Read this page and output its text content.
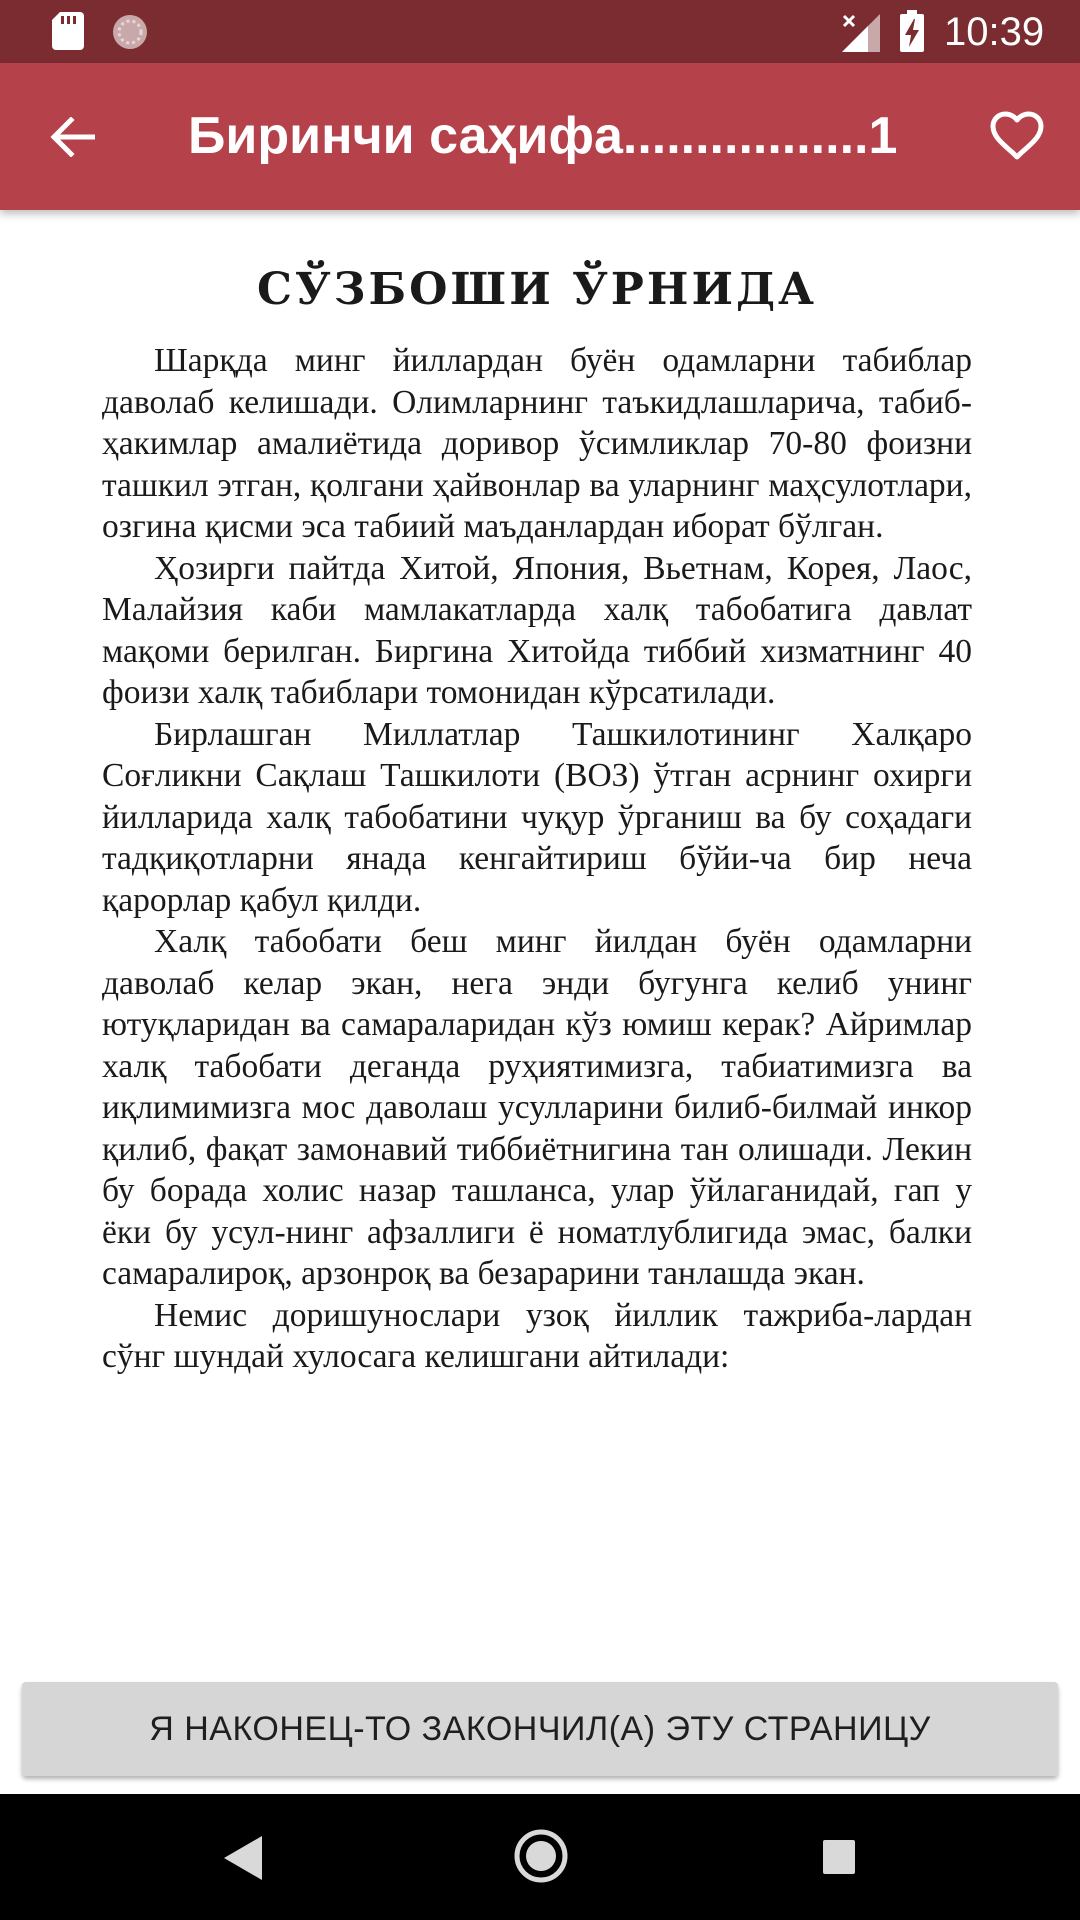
10:39
Биринчи саҳифа.................1
СЎЗБОШИ ЎРНИДА

Шарқда минг йиллардан буён одамларни табиблар даволаб келишади. Олимларнинг таъкидлашларича, табиб-ҳакимлар амалиётида доривор ўсимликлар 70-80 фоизни ташкил этган, қолгани ҳайвонлар ва уларнинг маҳсулотлари, озгина қисми эса табиий маъданлардан иборат бўлган.

Ҳозирги пайтда Хитой, Япония, Вьетнам, Корея, Лаос, Малайзия каби мамлакатларда халқ табобатига давлат мақоми берилган. Биргина Хитойда тиббий хизматнинг 40 фоизи халқ табиблари томонидан кўрсатилади.

Бирлашган Миллатлар Ташкилотининг Халқаро Соғликни Сақлаш Ташкилоти (ВОЗ) ўтган асрнинг охирги йилларида халқ табобатини чуқур ўрганиш ва бу соҳадаги тадқиқотларни янада кенгайтириш бўйи-ча бир неча қарорлар қабул қилди.

Халқ табобати беш минг йилдан буён одамларни даволаб келар экан, нега энди бугунга келиб унинг ютуқларидан ва самараларидан кўз юмиш керак? Айримлар халқ табобати деганда руҳиятимизга, табиатимизга ва иқлимимизга мос даволаш усулларини билиб-билмай инкор қилиб, фақат замонавий тиббиётнигина тан олишади. Лекин бу борада холис назар ташланса, улар ўйлаганидай, гап у ёки бу усул-нинг афзаллиги ё номатлублигида эмас, балки самаралироқ, арзонроқ ва безарарини танлашда экан.

Немис доришунослари узоқ йиллик тажриба-лардан сўнг шундай хулосага келишгани айтилади:

Я НАКОНЕЦ-ТО ЗАКОНЧИЛ(А) ЭТУ СТРАНИЦУ
